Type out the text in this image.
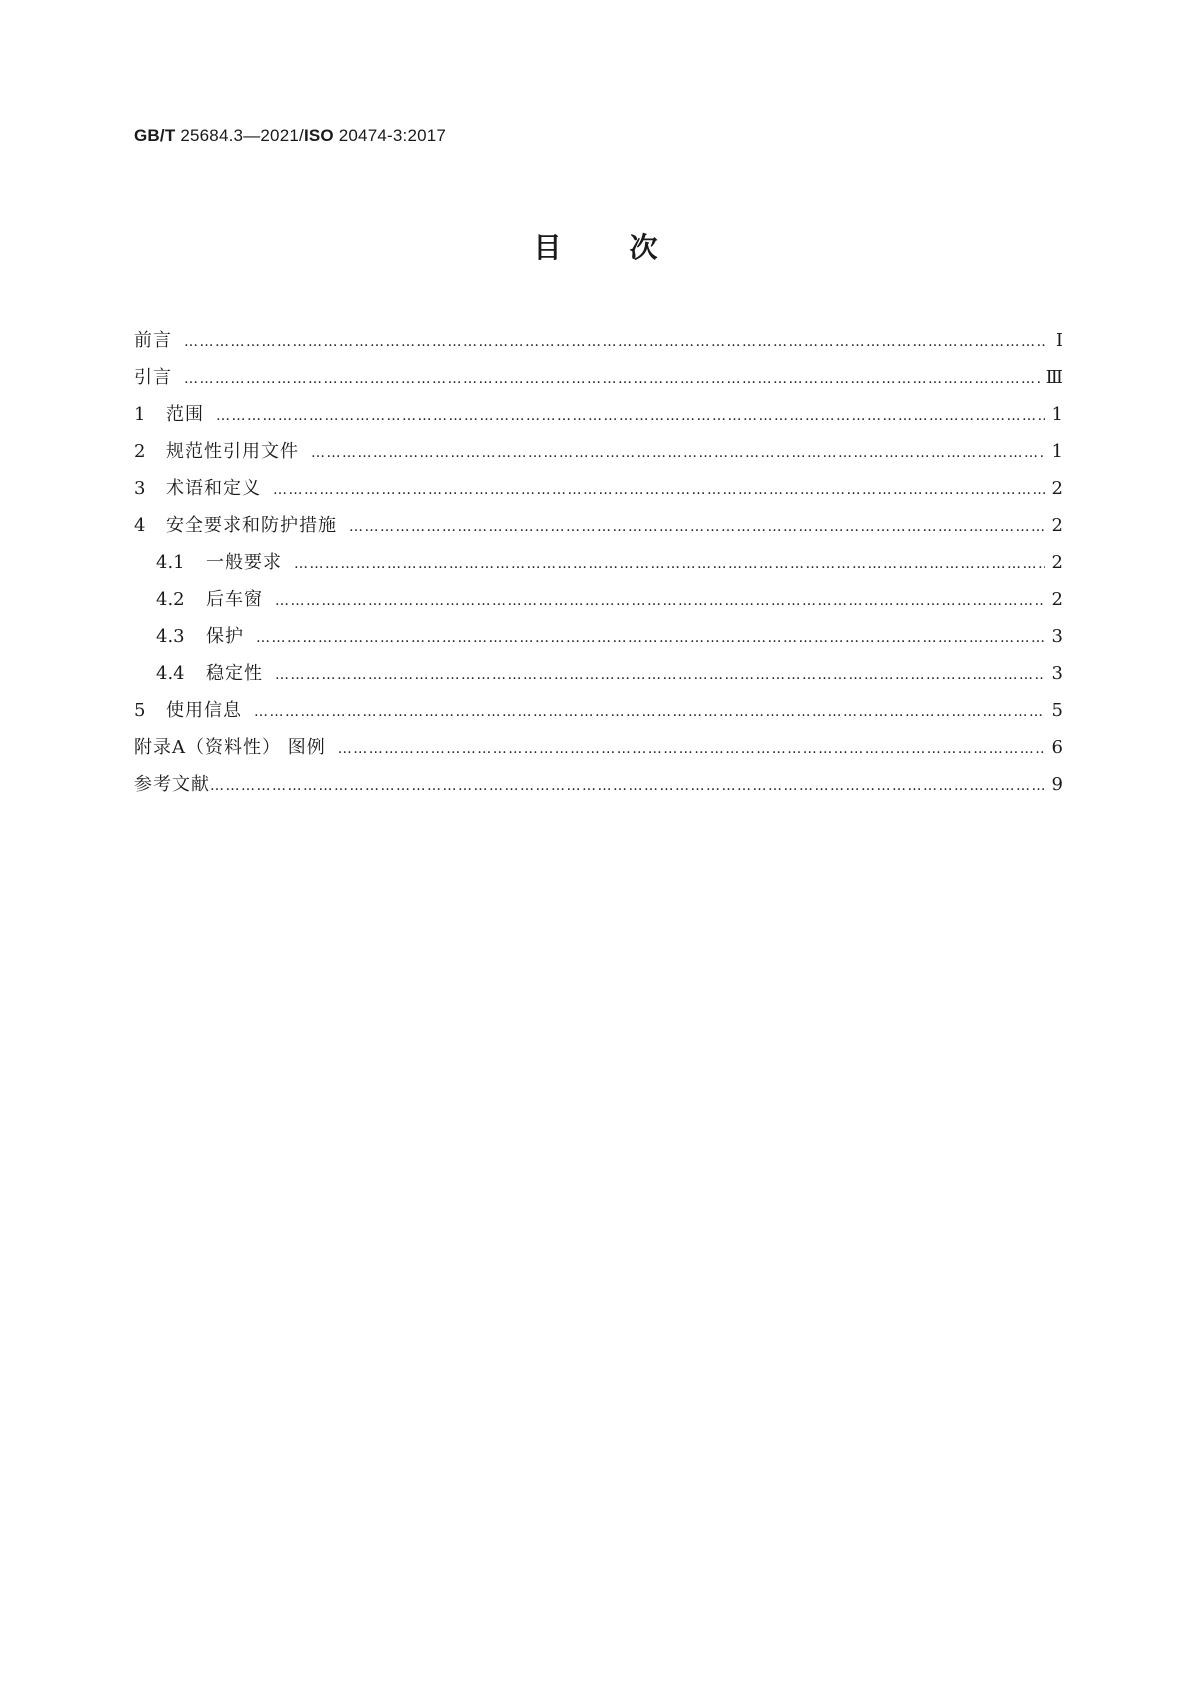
GB/T 25684.3—2021/ISO 20474-3:2017
目 次
前言 …………………………………………………………………………………………………………………………………………………………………………………………………………………	Ⅰ
引言 …………………………………………………………………………………………………………………………………………………………………………………………………………………	Ⅲ
1	范围 …………………………………………………………………………………………………………………………………………………………………………………………………………………	1
2	规范性引用文件 …………………………………………………………………………………………………………………………………………………………………………………………………………………	1
3	术语和定义 …………………………………………………………………………………………………………………………………………………………………………………………………………………	2
4	安全要求和防护措施 …………………………………………………………………………………………………………………………………………………………………………………………………………………	2
4.1	一般要求 …………………………………………………………………………………………………………………………………………………………………………………………………………………	2
4.2	后车窗 …………………………………………………………………………………………………………………………………………………………………………………………………………………	2
4.3	保护 …………………………………………………………………………………………………………………………………………………………………………………………………………………	3
4.4	稳定性 …………………………………………………………………………………………………………………………………………………………………………………………………………………	3
5	使用信息 …………………………………………………………………………………………………………………………………………………………………………………………………………………	5
附录A（资料性） 图例 …………………………………………………………………………………………………………………………………………………………………………………………………………………	6
参考文献 …………………………………………………………………………………………………………………………………………………………………………………………………………………	9
